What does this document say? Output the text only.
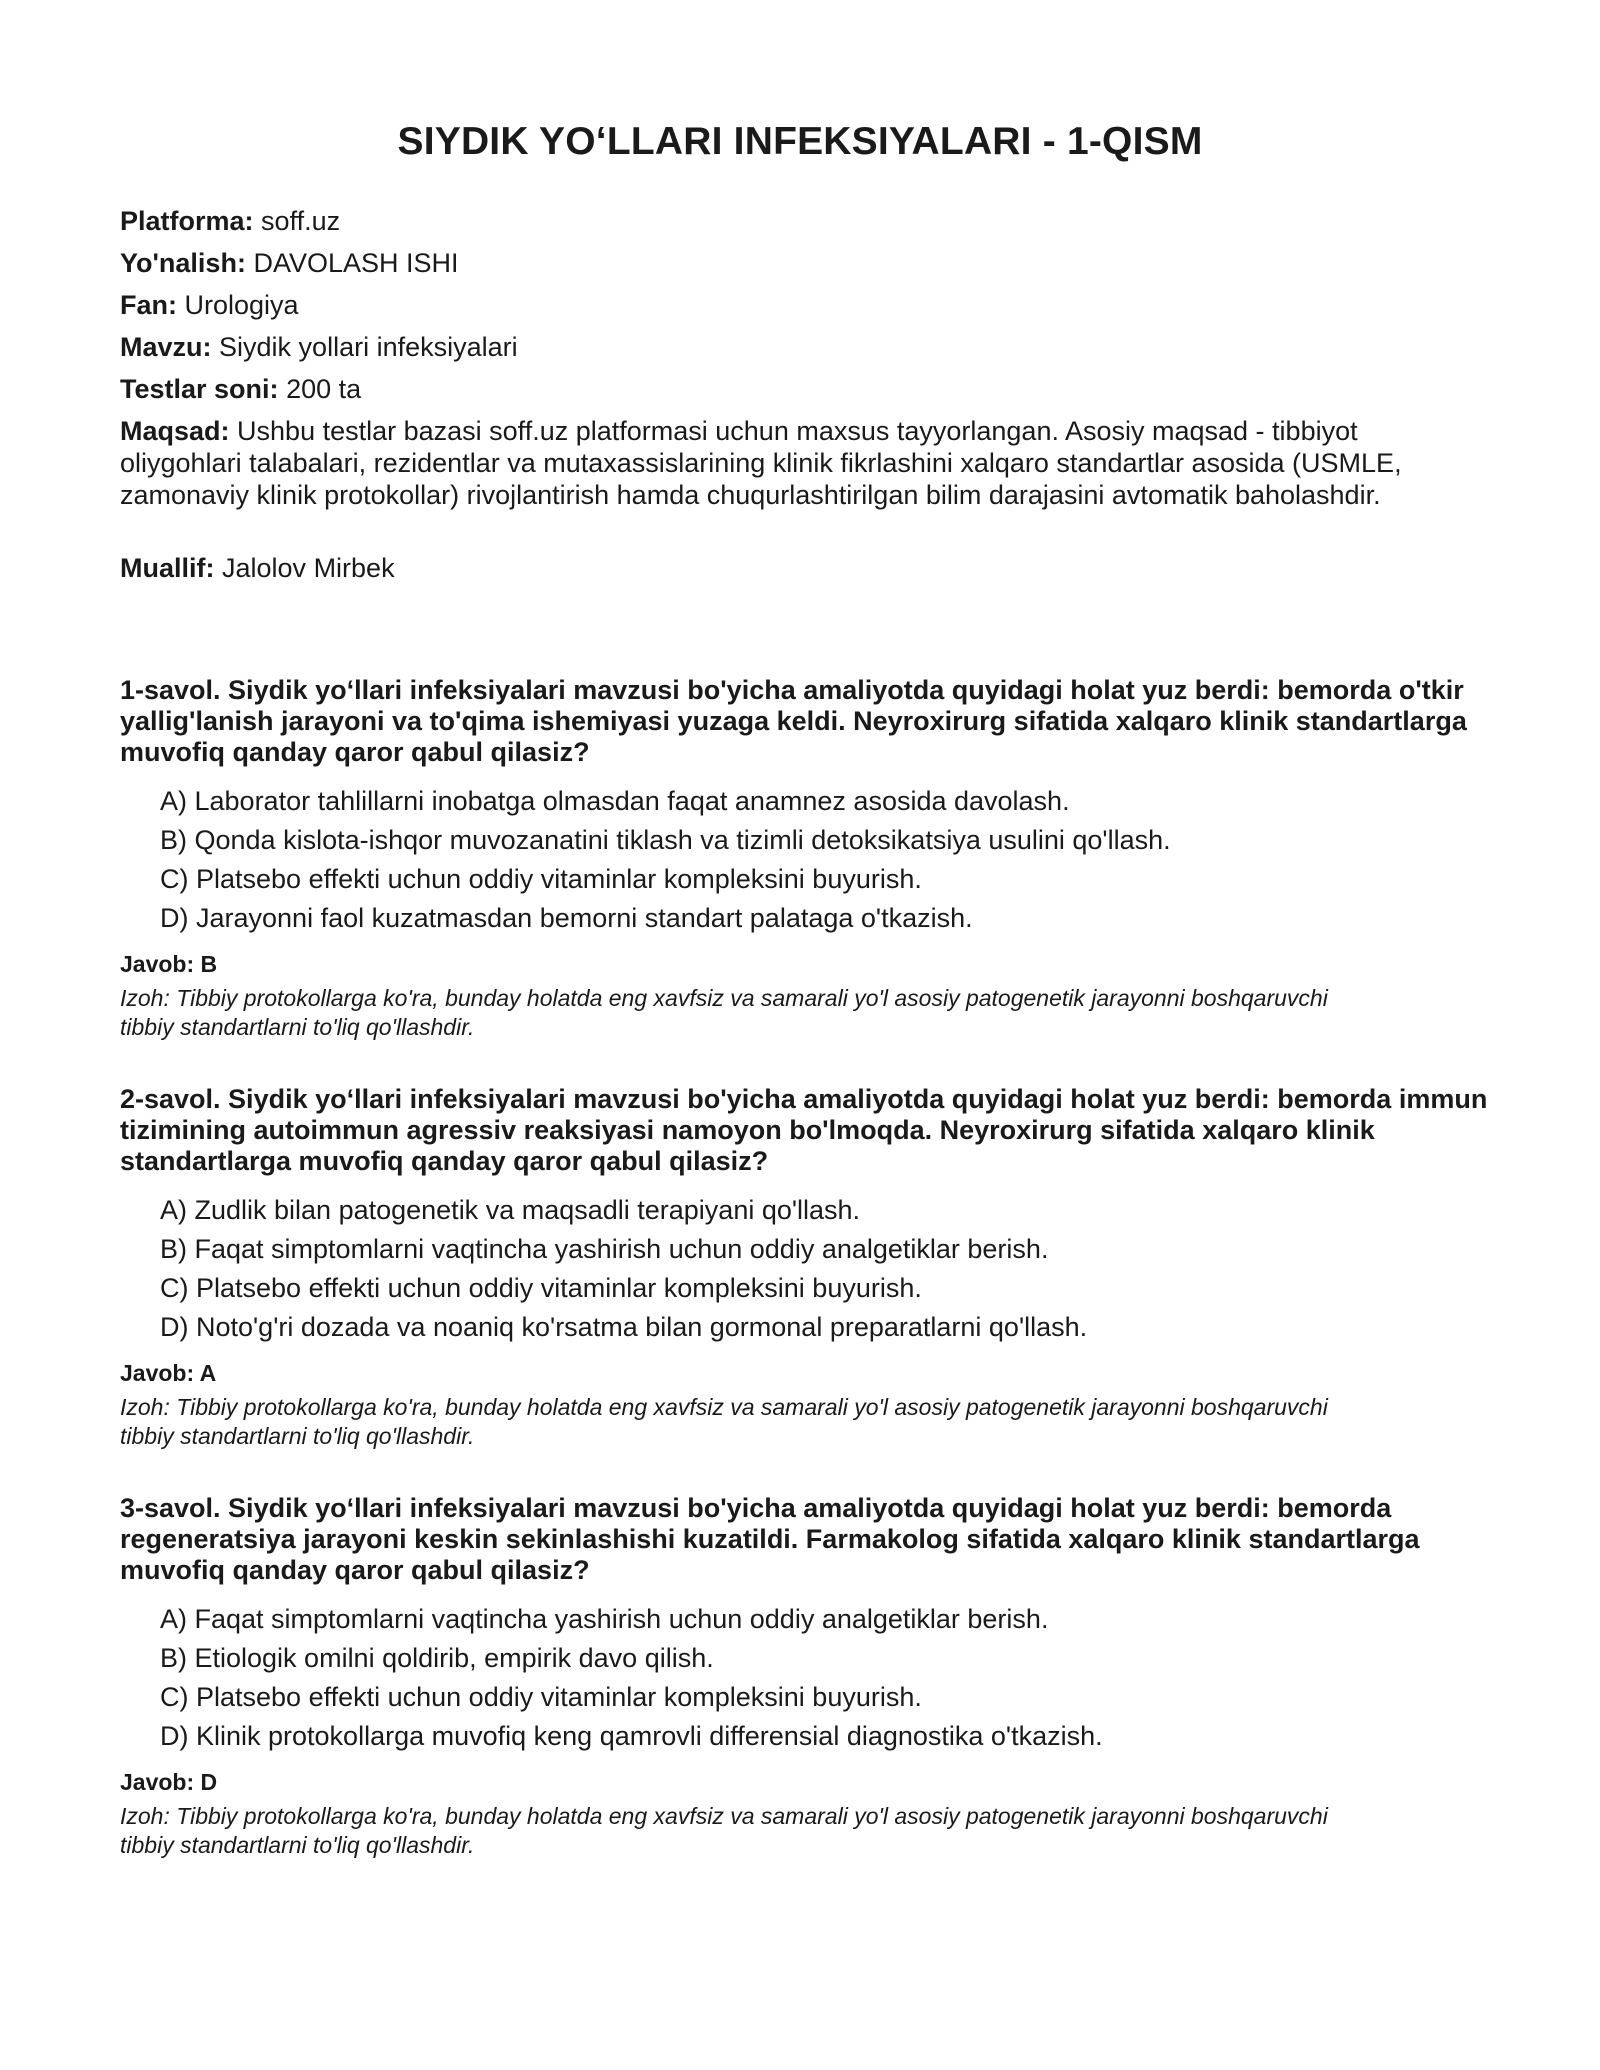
SIYDIK YO‘LLARI INFEKSIYALARI - 1-QISM
Platforma: soff.uz
Yo'nalish: DAVOLASH ISHI
Fan: Urologiya
Mavzu: Siydik yollari infeksiyalari
Testlar soni: 200 ta
Maqsad: Ushbu testlar bazasi soff.uz platformasi uchun maxsus tayyorlangan. Asosiy maqsad - tibbiyot oliygohlari talabalari, rezidentlar va mutaxassislarining klinik fikrlashini xalqaro standartlar asosida (USMLE, zamonaviy klinik protokollar) rivojlantirish hamda chuqurlashtirilgan bilim darajasini avtomatik baholashdir.
Muallif: Jalolov Mirbek

1-savol. Siydik yo‘llari infeksiyalari mavzusi bo'yicha amaliyotda quyidagi holat yuz berdi: bemorda o'tkir yallig'lanish jarayoni va to'qima ishemiyasi yuzaga keldi. Neyroxirurg sifatida xalqaro klinik standartlarga muvofiq qanday qaror qabul qilasiz?

A) Laborator tahlillarni inobatga olmasdan faqat anamnez asosida davolash.
B) Qonda kislota-ishqor muvozanatini tiklash va tizimli detoksikatsiya usulini qo'llash.
C) Platsebo effekti uchun oddiy vitaminlar kompleksini buyurish.
D) Jarayonni faol kuzatmasdan bemorni standart palataga o'tkazish.
Javob: B
Izoh: Tibbiy protokollarga ko'ra, bunday holatda eng xavfsiz va samarali yo'l asosiy patogenetik jarayonni boshqaruvchi tibbiy standartlarni to'liq qo'llashdir.

2-savol. Siydik yo‘llari infeksiyalari mavzusi bo'yicha amaliyotda quyidagi holat yuz berdi: bemorda immun tizimining autoimmun agressiv reaksiyasi namoyon bo'lmoqda. Neyroxirurg sifatida xalqaro klinik standartlarga muvofiq qanday qaror qabul qilasiz?

A) Zudlik bilan patogenetik va maqsadli terapiyani qo'llash.
B) Faqat simptomlarni vaqtincha yashirish uchun oddiy analgetiklar berish.
C) Platsebo effekti uchun oddiy vitaminlar kompleksini buyurish.
D) Noto'g'ri dozada va noaniq ko'rsatma bilan gormonal preparatlarni qo'llash.
Javob: A
Izoh: Tibbiy protokollarga ko'ra, bunday holatda eng xavfsiz va samarali yo'l asosiy patogenetik jarayonni boshqaruvchi tibbiy standartlarni to'liq qo'llashdir.

3-savol. Siydik yo‘llari infeksiyalari mavzusi bo'yicha amaliyotda quyidagi holat yuz berdi: bemorda regeneratsiya jarayoni keskin sekinlashishi kuzatildi. Farmakolog sifatida xalqaro klinik standartlarga muvofiq qanday qaror qabul qilasiz?

A) Faqat simptomlarni vaqtincha yashirish uchun oddiy analgetiklar berish.
B) Etiologik omilni qoldirib, empirik davo qilish.
C) Platsebo effekti uchun oddiy vitaminlar kompleksini buyurish.
D) Klinik protokollarga muvofiq keng qamrovli differensial diagnostika o'tkazish.
Javob: D
Izoh: Tibbiy protokollarga ko'ra, bunday holatda eng xavfsiz va samarali yo'l asosiy patogenetik jarayonni boshqaruvchi tibbiy standartlarni to'liq qo'llashdir.
